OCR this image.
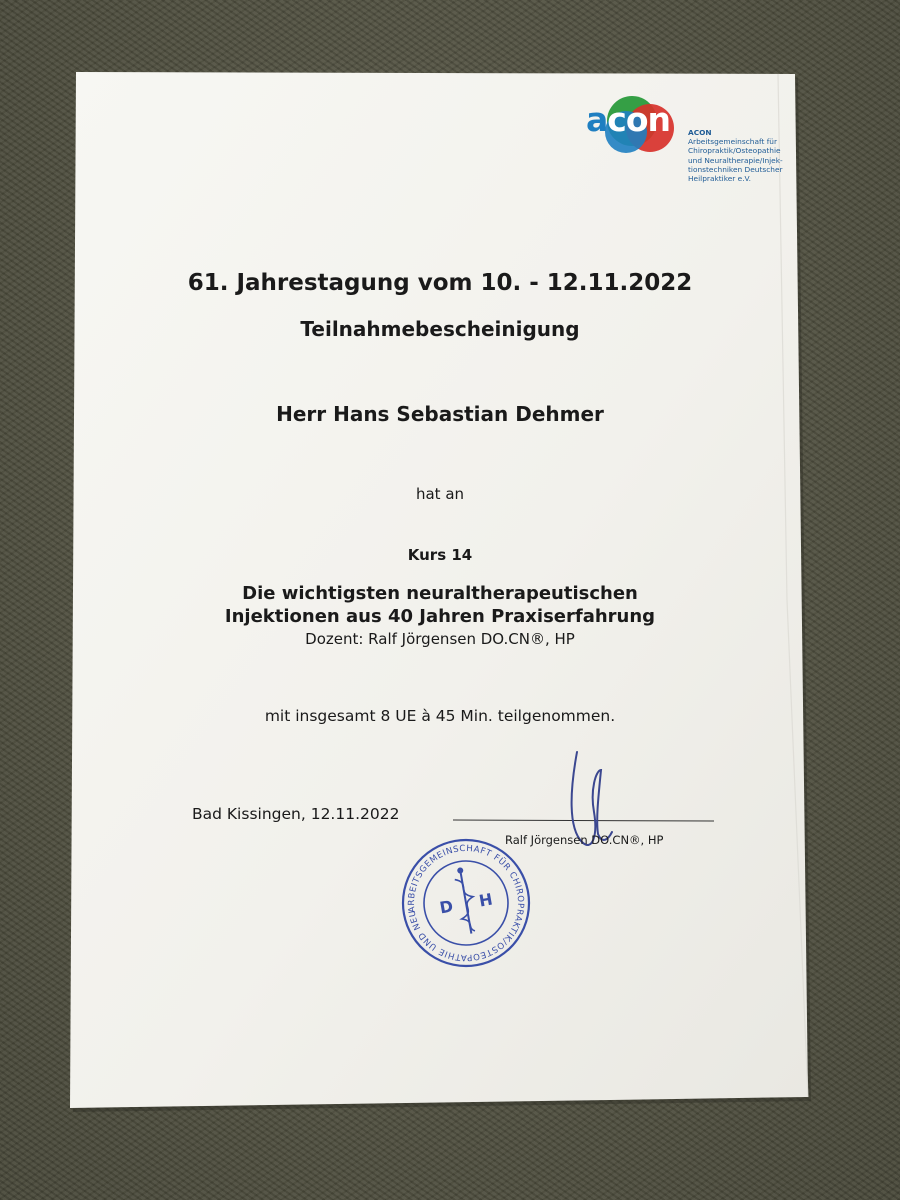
ARBEITSGEMEINSCHAFT FÜR CHIROPRAKTIK/OSTEOPATHIE UND NEURALTHERAPIE
D H
acon ACON
Arbeitsgemeinschaft für
Chiropraktik/Osteopathie
und Neuraltherapie/Injek-
tionstechniken Deutscher
Heilpraktiker e.V.
61. Jahrestagung vom 10. - 12.11.2022
Teilnahmebescheinigung
Herr Hans Sebastian Dehmer
hat an
Kurs 14
Die wichtigsten neuraltherapeutischen
Injektionen aus 40 Jahren Praxiserfahrung
Dozent: Ralf Jörgensen DO.CN®, HP
mit insgesamt 8 UE à 45 Min. teilgenommen.
Bad Kissingen, 12.11.2022
Ralf Jörgensen DO.CN®, HP
